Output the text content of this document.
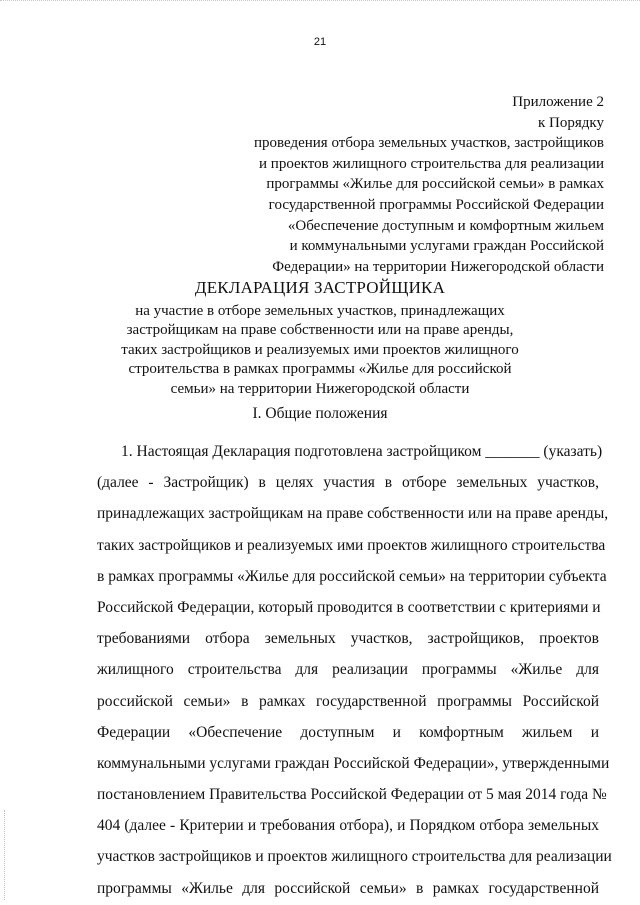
21
Приложение 2
к Порядку
проведения отбора земельных участков, застройщиков
и проектов жилищного строительства для реализации
программы «Жилье для российской семьи» в рамках
государственной программы Российской Федерации
«Обеспечение доступным и комфортным жильем
и коммунальными услугами граждан Российской
Федерации» на территории Нижегородской области
ДЕКЛАРАЦИЯ ЗАСТРОЙЩИКА
на участие в отборе земельных участков, принадлежащих
застройщикам на праве собственности или на праве аренды,
таких застройщиков и реализуемых ими проектов жилищного
строительства в рамках программы «Жилье для российской
семьи» на территории Нижегородской области
I. Общие положения
1. Настоящая Декларация подготовлена застройщиком _______ (указать)
(далее - Застройщик) в целях участия в отборе земельных участков,
принадлежащих застройщикам на праве собственности или на праве аренды,
таких застройщиков и реализуемых ими проектов жилищного строительства
в рамках программы «Жилье для российской семьи» на территории субъекта
Российской Федерации, который проводится в соответствии с критериями и
требованиями отбора земельных участков, застройщиков, проектов
жилищного строительства для реализации программы «Жилье для
российской семьи» в рамках государственной программы Российской
Федерации «Обеспечение доступным и комфортным жильем и
коммунальными услугами граждан Российской Федерации», утвержденными
постановлением Правительства Российской Федерации от 5 мая 2014 года №
404 (далее - Критерии и требования отбора), и Порядком отбора земельных
участков застройщиков и проектов жилищного строительства для реализации
программы «Жилье для российской семьи» в рамках государственной
